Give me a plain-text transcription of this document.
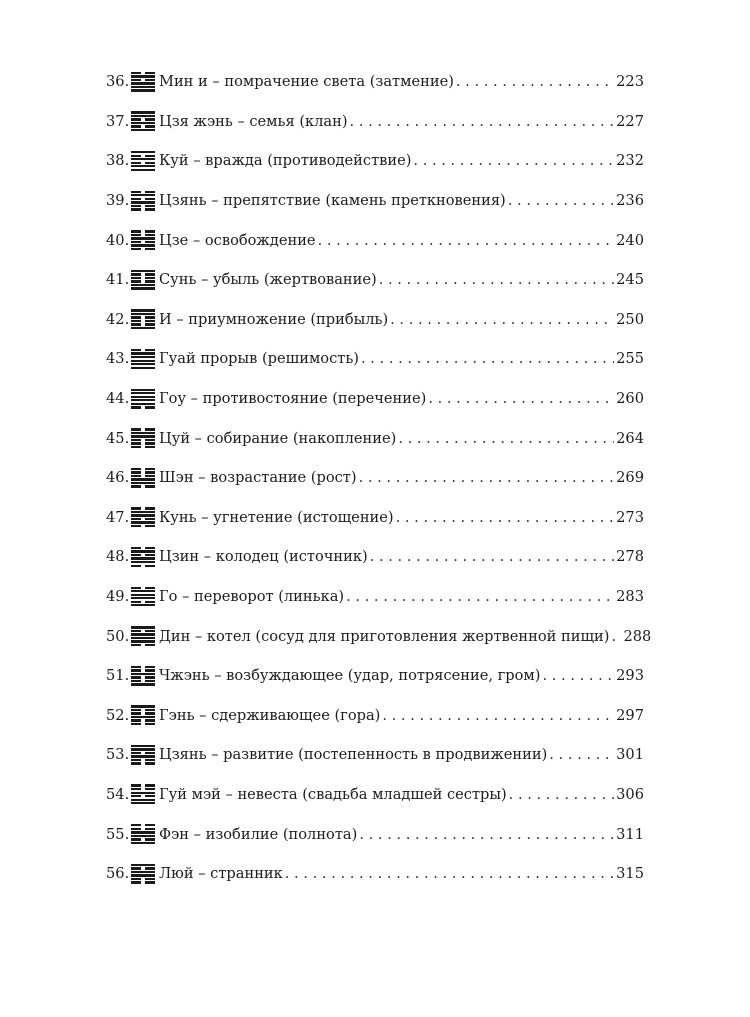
36. Мин и – помрачение света (затмение) . . .	223
37. Цзя жэнь – семья (клан) . . .	227
38. Куй – вражда (противодействие) . . .	232
39. Цзянь – препятствие (камень преткновения) . . .	236
40. Цзе – освобождение . . .	240
41. Сунь – убыль (жертвование) . . .	245
42. И – приумножение (прибыль) . . .	250
43. Гуай прорыв (решимость) . . .	255
44. Гоу – противостояние (перечение) . . .	260
45. Цуй – собирание (накопление) . . .	264
46. Шэн – возрастание (рост) . . .	269
47. Кунь – угнетение (истощение) . . .	273
48. Цзин – колодец (источник) . . .	278
49. Го – переворот (линька) . . .	283
50. Дин – котел (сосуд для приготовления жертвенной пищи) . . . 288
51. Чжэнь – возбуждающее (удар, потрясение, гром) . . .	293
52. Гэнь – сдерживающее (гора) . . .	297
53. Цзянь – развитие (постепенность в продвижении) . . .	301
54. Гуй мэй – невеста (свадьба младшей сестры) . . .	306
55. Фэн – изобилие (полнота) . . .	311
56. Люй – странник . . .	315
